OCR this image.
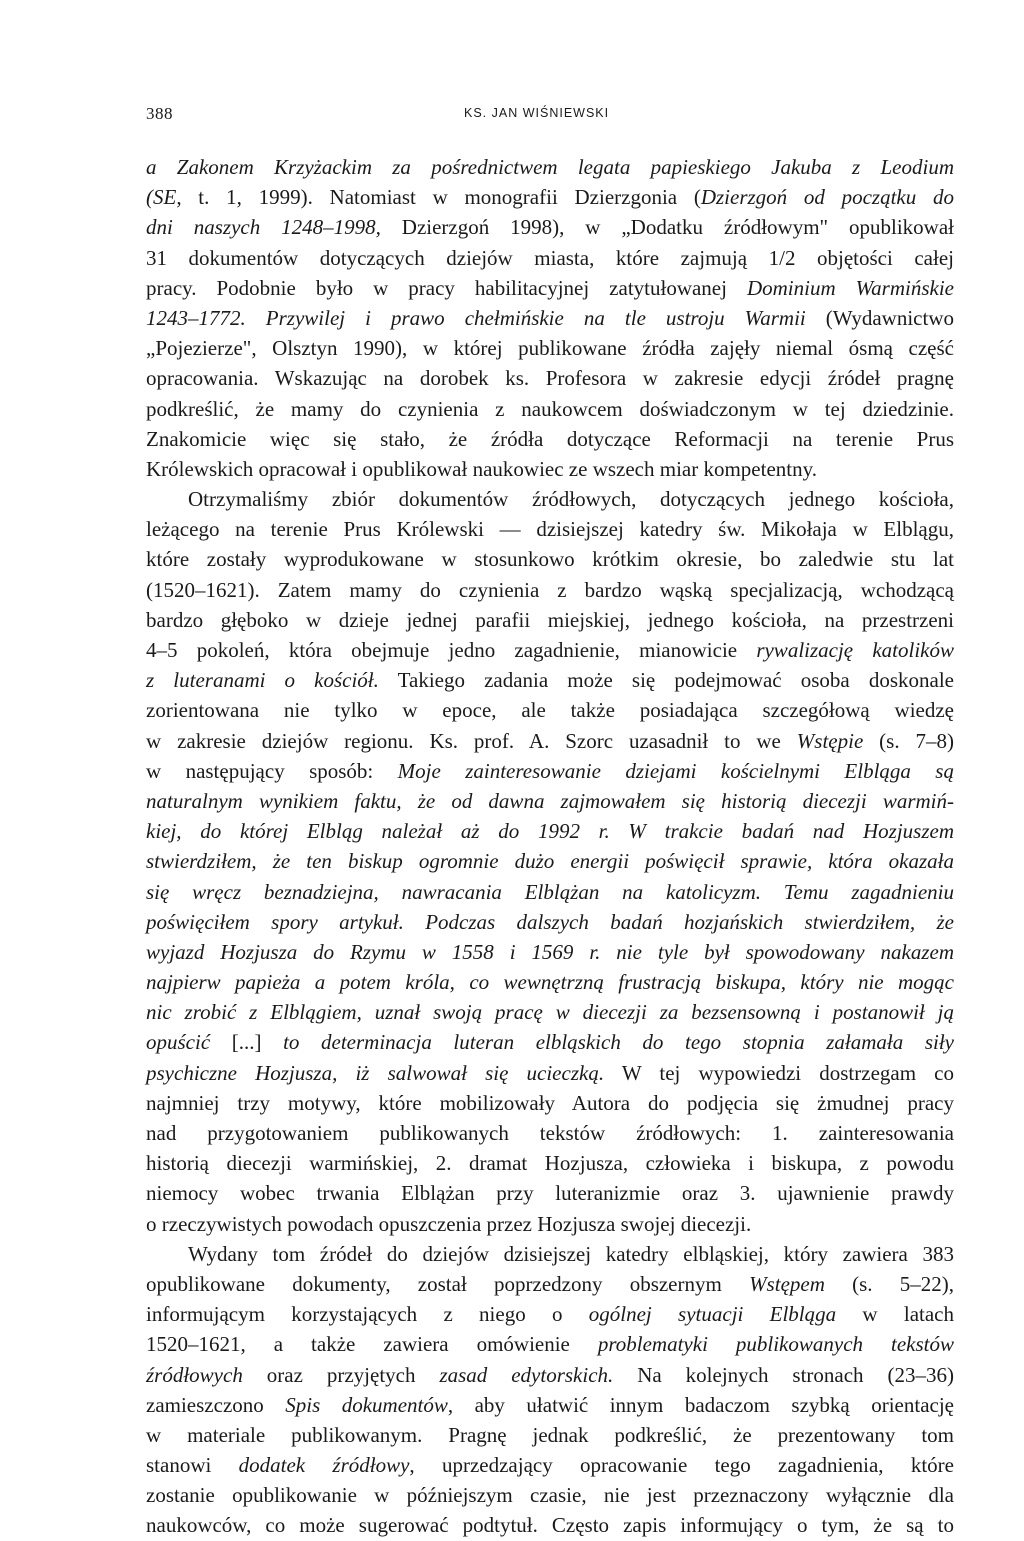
388	KS. JAN WIŚNIEWSKI
a Zakonem Krzyżackim za pośrednictwem legata papieskiego Jakuba z Leodium
(SE, t. 1, 1999). Natomiast w monografii Dzierzgonia (Dzierzgoń od początku do
dni naszych 1248–1998, Dzierzgoń 1998), w „Dodatku źródłowym" opublikował
31 dokumentów dotyczących dziejów miasta, które zajmują 1/2 objętości całej
pracy. Podobnie było w pracy habilitacyjnej zatytułowanej Dominium Warmińskie
1243–1772. Przywilej i prawo chełmińskie na tle ustroju Warmii (Wydawnictwo
„Pojezierze", Olsztyn 1990), w której publikowane źródła zajęły niemal ósmą część
opracowania. Wskazując na dorobek ks. Profesora w zakresie edycji źródeł pragnę
podkreślić, że mamy do czynienia z naukowcem doświadczonym w tej dziedzinie.
Znakomicie więc się stało, że źródła dotyczące Reformacji na terenie Prus
Królewskich opracował i opublikował naukowiec ze wszech miar kompetentny.
Otrzymaliśmy zbiór dokumentów źródłowych, dotyczących jednego kościoła,
leżącego na terenie Prus Królewski — dzisiejszej katedry św. Mikołaja w Elblągu,
które zostały wyprodukowane w stosunkowo krótkim okresie, bo zaledwie stu lat
(1520–1621). Zatem mamy do czynienia z bardzo wąską specjalizacją, wchodzącą
bardzo głęboko w dzieje jednej parafii miejskiej, jednego kościoła, na przestrzeni
4–5 pokoleń, która obejmuje jedno zagadnienie, mianowicie rywalizację katolików
z luteranami o kościół. Takiego zadania może się podejmować osoba doskonale
zorientowana nie tylko w epoce, ale także posiadająca szczegółową wiedzę
w zakresie dziejów regionu. Ks. prof. A. Szorc uzasadnił to we Wstępie (s. 7–8)
w następujący sposób: Moje zainteresowanie dziejami kościelnymi Elbląga są
naturalnym wynikiem faktu, że od dawna zajmowałem się historią diecezji warmiń-
kiej, do której Elbląg należał aż do 1992 r. W trakcie badań nad Hozjuszem
stwierdziłem, że ten biskup ogromnie dużo energii poświęcił sprawie, która okazała
się wręcz beznadziejna, nawracania Elblążan na katolicyzm. Temu zagadnieniu
poświęciłem spory artykuł. Podczas dalszych badań hozjańskich stwierdziłem, że
wyjazd Hozjusza do Rzymu w 1558 i 1569 r. nie tyle był spowodowany nakazem
najpierw papieża a potem króla, co wewnętrzną frustracją biskupa, który nie mogąc
nic zrobić z Elblągiem, uznał swoją pracę w diecezji za bezsensowną i postanowił ją
opuścić [...] to determinacja luteran elbląskich do tego stopnia załamała siły
psychiczne Hozjusza, iż salwował się ucieczką. W tej wypowiedzi dostrzegam co
najmniej trzy motywy, które mobilizowały Autora do podjęcia się żmudnej pracy
nad przygotowaniem publikowanych tekstów źródłowych: 1. zainteresowania
historią diecezji warmińskiej, 2. dramat Hozjusza, człowieka i biskupa, z powodu
niemocy wobec trwania Elblążan przy luteranizmie oraz 3. ujawnienie prawdy
o rzeczywistych powodach opuszczenia przez Hozjusza swojej diecezji.
Wydany tom źródeł do dziejów dzisiejszej katedry elbląskiej, który zawiera 383
opublikowane dokumenty, został poprzedzony obszernym Wstępem (s. 5–22),
informującym korzystających z niego o ogólnej sytuacji Elbląga w latach
1520–1621, a także zawiera omówienie problematyki publikowanych tekstów
źródłowych oraz przyjętych zasad edytorskich. Na kolejnych stronach (23–36)
zamieszczono Spis dokumentów, aby ułatwić innym badaczom szybką orientację
w materiale publikowanym. Pragnę jednak podkreślić, że prezentowany tom
stanowi dodatek źródłowy, uprzedzający opracowanie tego zagadnienia, które
zostanie opublikowanie w późniejszym czasie, nie jest przeznaczony wyłącznie dla
naukowców, co może sugerować podtytuł. Często zapis informujący o tym, że są to
